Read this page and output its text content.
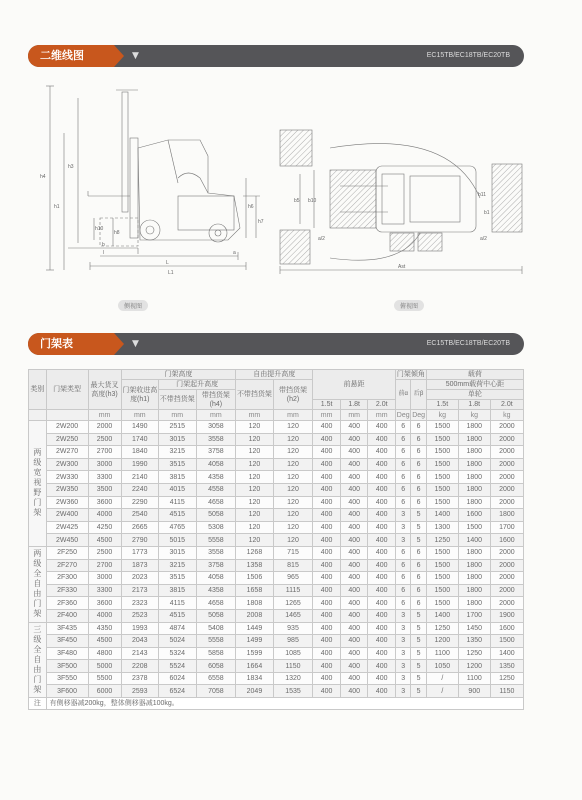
二维线图	▼	EC15TB/EC18TB/EC20TB
h4
h1
h3
h6
h7
h8
h10
b
l
L
L1
a
侧视图
b5 b10
b11
b1
a/2
Ast
a/2
俯视图
门架表	▼	EC15TB/EC18TB/EC20TB
类别	门架类型	最大货叉高度(h3)	门架高度			自由提升高度		前悬距			门架倾角		载荷		
			门架收进高度(h1)	门架起升高度		不带挡货架	带挡货架(h2)				前α	后β	500mm载荷中心距		
				不带挡货架	带挡货架(h4)								单轮		
								1.5t	1.8t	2.0t			1.5t	1.8t	2.0t
		mm	mm	mm	mm	mm	mm	mm	mm	mm	Deg	Deg	kg	kg	kg
两级宽视野门架	2W200	2000	1490	2515	3058	120	120	400	400	400	6	6	1500	1800	2000
	2W250	2500	1740	3015	3558	120	120	400	400	400	6	6	1500	1800	2000
	2W270	2700	1840	3215	3758	120	120	400	400	400	6	6	1500	1800	2000
	2W300	3000	1990	3515	4058	120	120	400	400	400	6	6	1500	1800	2000
	2W330	3300	2140	3815	4358	120	120	400	400	400	6	6	1500	1800	2000
	2W350	3500	2240	4015	4558	120	120	400	400	400	6	6	1500	1800	2000
	2W360	3600	2290	4115	4658	120	120	400	400	400	6	6	1500	1800	2000
	2W400	4000	2540	4515	5058	120	120	400	400	400	3	5	1400	1600	1800
	2W425	4250	2665	4765	5308	120	120	400	400	400	3	5	1300	1500	1700
	2W450	4500	2790	5015	5558	120	120	400	400	400	3	5	1250	1400	1600
两级全自由门架	2F250	2500	1773	3015	3558	1268	715	400	400	400	6	6	1500	1800	2000
	2F270	2700	1873	3215	3758	1358	815	400	400	400	6	6	1500	1800	2000
	2F300	3000	2023	3515	4058	1506	965	400	400	400	6	6	1500	1800	2000
	2F330	3300	2173	3815	4358	1658	1115	400	400	400	6	6	1500	1800	2000
	2F360	3600	2323	4115	4658	1808	1265	400	400	400	6	6	1500	1800	2000
	2F400	4000	2523	4515	5058	2008	1465	400	400	400	3	5	1400	1700	1900
三级全自由门架	3F435	4350	1993	4874	5408	1449	935	400	400	400	3	5	1250	1450	1600
	3F450	4500	2043	5024	5558	1499	985	400	400	400	3	5	1200	1350	1500
	3F480	4800	2143	5324	5858	1599	1085	400	400	400	3	5	1100	1250	1400
	3F500	5000	2208	5524	6058	1664	1150	400	400	400	3	5	1050	1200	1350
	3F550	5500	2378	6024	6558	1834	1320	400	400	400	3	5	/	1100	1250
	3F600	6000	2593	6524	7058	2049	1535	400	400	400	3	5	/	900	1150
注	有侧移器减200kg，整体侧移器减100kg。														
